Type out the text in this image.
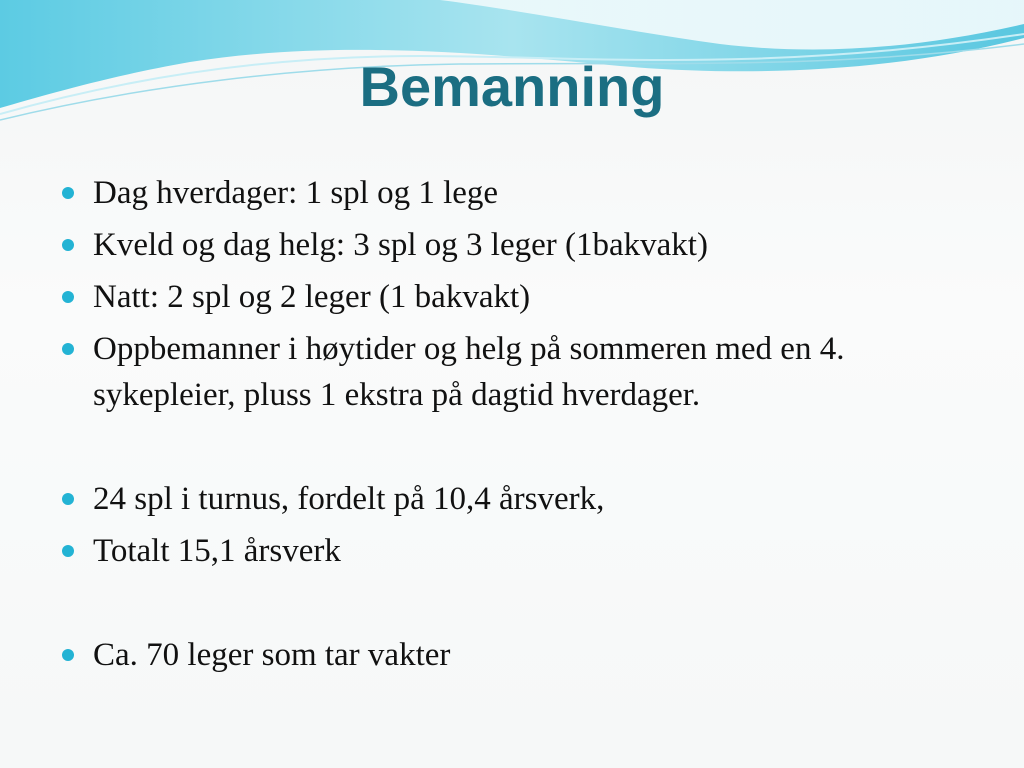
Bemanning
Dag hverdager: 1 spl og 1 lege
Kveld og dag helg: 3 spl og 3 leger (1bakvakt)
Natt: 2 spl og 2 leger (1 bakvakt)
Oppbemanner i høytider og helg på sommeren med en 4. sykepleier, pluss 1 ekstra på dagtid hverdager.
24 spl i turnus, fordelt på 10,4 årsverk,
Totalt 15,1 årsverk
Ca. 70 leger som tar vakter
